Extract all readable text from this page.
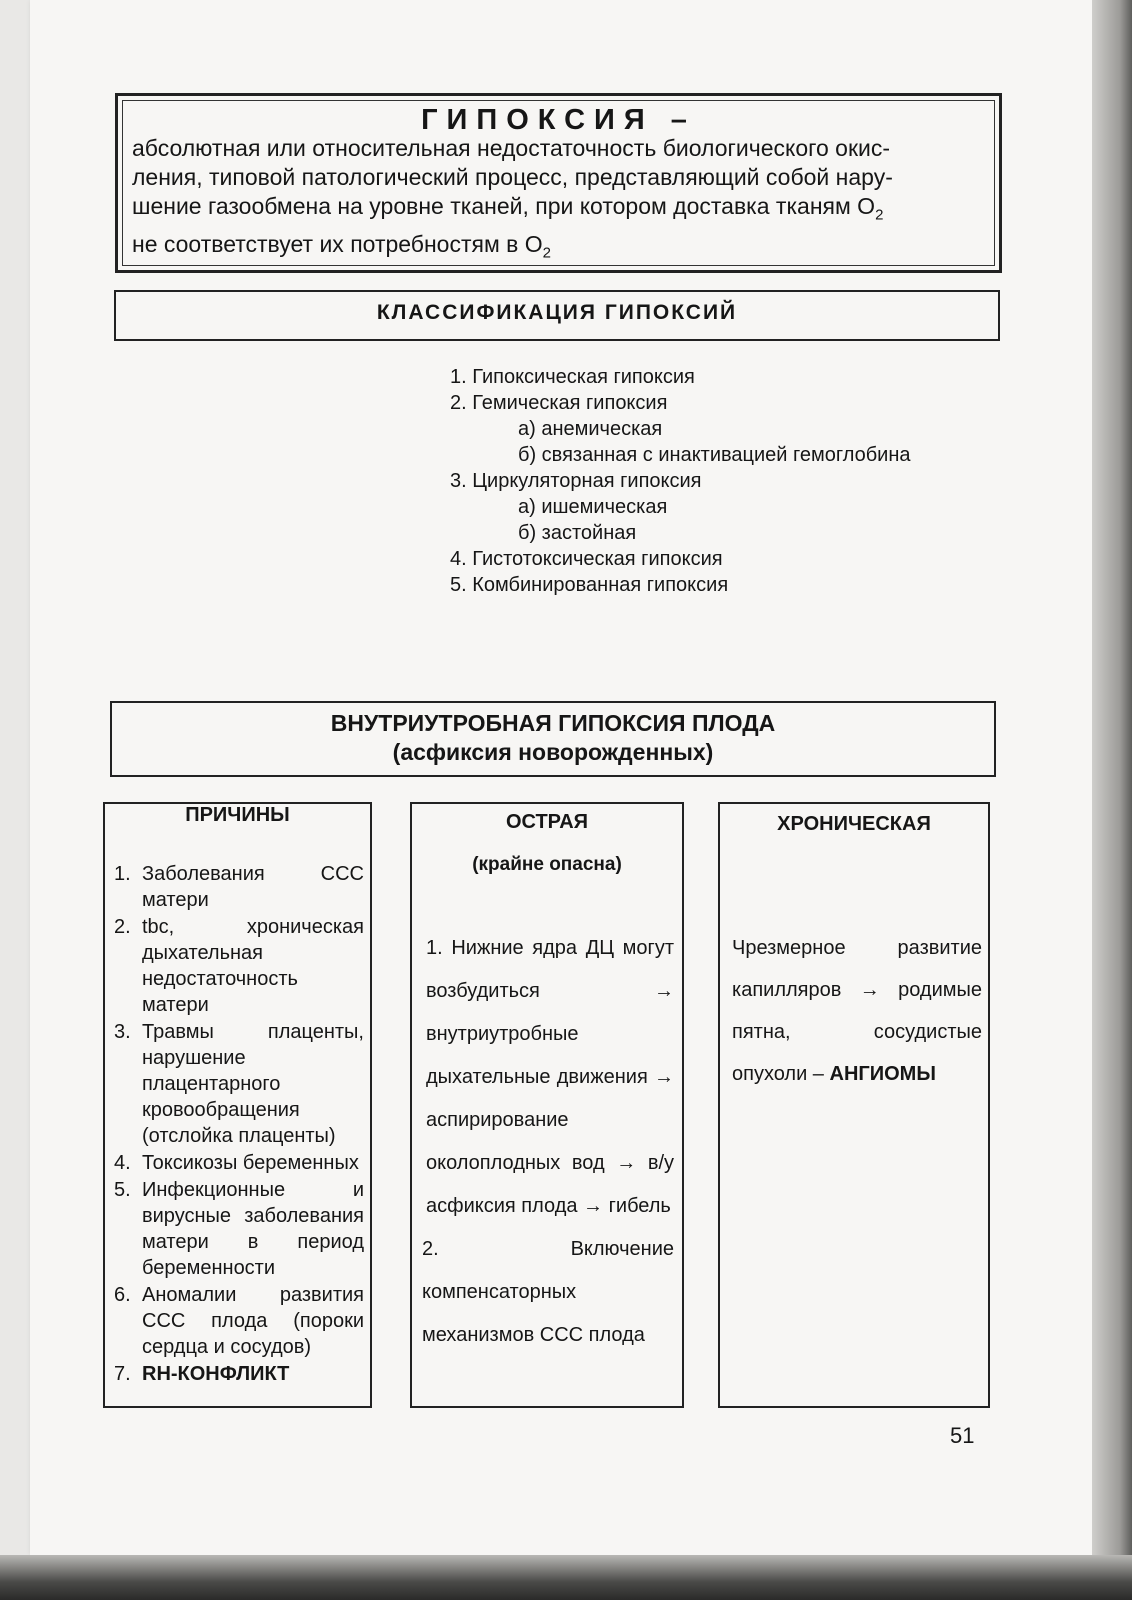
ГИПОКСИЯ –
абсолютная или относительная недостаточность биологического окис-
ления, типовой патологический процесс, представляющий собой нару-
шение газообмена на уровне тканей, при котором доставка тканям $O_2$
не соответствует их потребностям в $O_2$
КЛАССИФИКАЦИЯ ГИПОКСИЙ
1. Гипоксическая гипоксия
2. Гемическая гипоксия
а) анемическая
б) связанная с инактивацией гемоглобина
3. Циркуляторная гипоксия
а) ишемическая
б) застойная
4. Гистотоксическая гипоксия
5. Комбинированная гипоксия
ВНУТРИУТРОБНАЯ ГИПОКСИЯ ПЛОДА
(асфиксия новорожденных)
ПРИЧИНЫ
1. Заболевания ССС матери
2. tbc, хроническая дыхательная недостаточность матери
3. Травмы плаценты, нарушение плацентарного кровообращения (отслойка плаценты)
4. Токсикозы беременных
5. Инфекционные и вирусные заболевания матери в период беременности
6. Аномалии развития ССС плода (пороки сердца и сосудов)
7. RH-КОНФЛИКТ
ОСТРАЯ
(крайне опасна)

1. Нижние ядра ДЦ могут возбудиться → внутриутробные дыхательные движения → аспирирование околоплодных вод → в/у асфиксия плода → гибель

2. Включение компенсаторных механизмов ССС плода

ХРОНИЧЕСКАЯ
Чрезмерное развитие капилляров → родимые пятна, сосудистые опухоли – АНГИОМЫ
51
